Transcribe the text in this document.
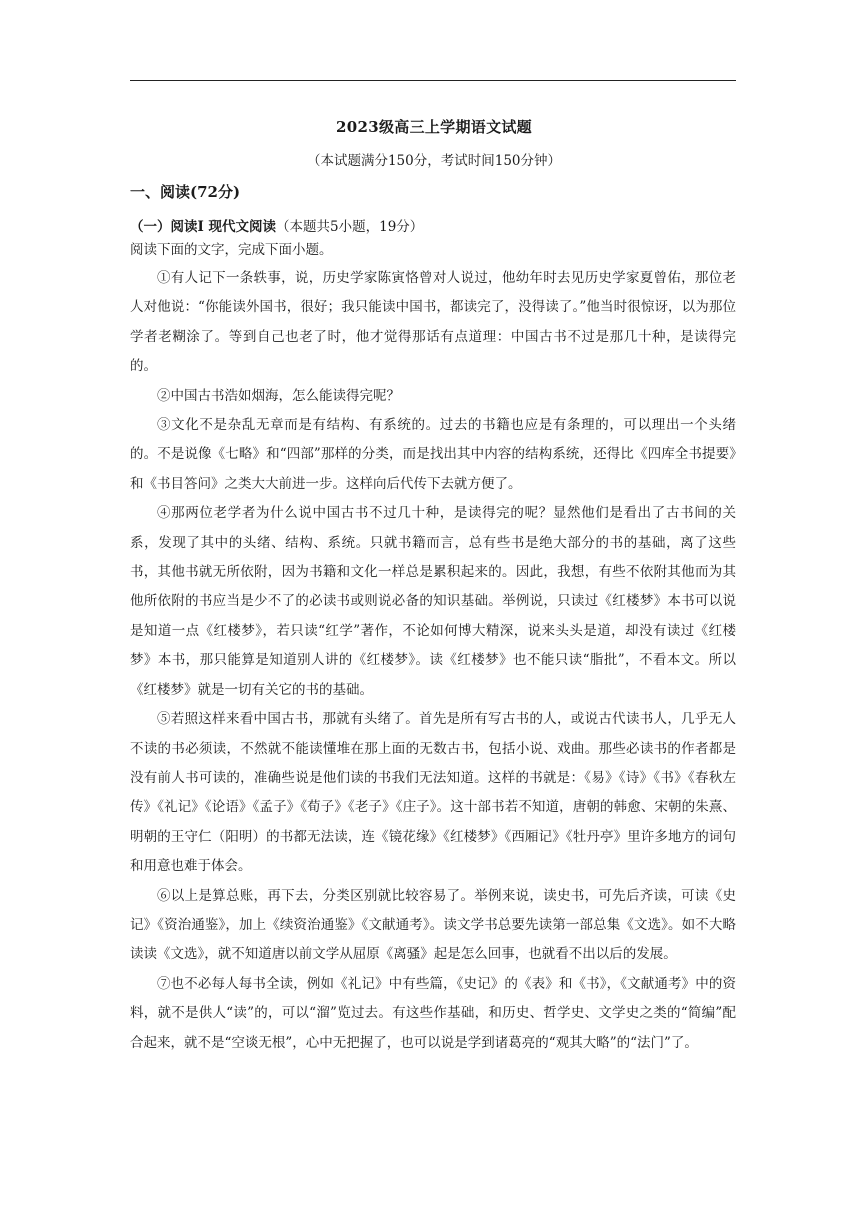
2023级高三上学期语文试题
（本试题满分150分，考试时间150分钟）
一、阅读(72分)
（一）阅读Ⅰ 现代文阅读（本题共5小题，19分）
阅读下面的文字，完成下面小题。

①有人记下一条轶事，说，历史学家陈寅恪曾对人说过，他幼年时去见历史学家夏曾佑，那位老人对他说：“你能读外国书，很好；我只能读中国书，都读完了，没得读了。”他当时很惊讶，以为那位学者老糊涂了。等到自己也老了时，他才觉得那话有点道理：中国古书不过是那几十种，是读得完的。

②中国古书浩如烟海，怎么能读得完呢？

③文化不是杂乱无章而是有结构、有系统的。过去的书籍也应是有条理的，可以理出一个头绪的。不是说像《七略》和“四部”那样的分类，而是找出其中内容的结构系统，还得比《四库全书提要》和《书目答问》之类大大前进一步。这样向后代传下去就方便了。

④那两位老学者为什么说中国古书不过几十种，是读得完的呢？显然他们是看出了古书间的关系，发现了其中的头绪、结构、系统。只就书籍而言，总有些书是绝大部分的书的基础，离了这些书，其他书就无所依附，因为书籍和文化一样总是累积起来的。因此，我想，有些不依附其他而为其他所依附的书应当是少不了的必读书或则说必备的知识基础。举例说，只读过《红楼梦》本书可以说是知道一点《红楼梦》，若只读“红学”著作，不论如何博大精深，说来头头是道，却没有读过《红楼梦》本书，那只能算是知道别人讲的《红楼梦》。读《红楼梦》也不能只读“脂批”，不看本文。所以《红楼梦》就是一切有关它的书的基础。

⑤若照这样来看中国古书，那就有头绪了。首先是所有写古书的人，或说古代读书人，几乎无人不读的书必须读，不然就不能读懂堆在那上面的无数古书，包括小说、戏曲。那些必读书的作者都是没有前人书可读的，准确些说是他们读的书我们无法知道。这样的书就是：《易》《诗》《书》《春秋左传》《礼记》《论语》《孟子》《荀子》《老子》《庄子》。这十部书若不知道，唐朝的韩愈、宋朝的朱熹、明朝的王守仁（阳明）的书都无法读，连《镜花缘》《红楼梦》《西厢记》《牡丹亭》里许多地方的词句和用意也难于体会。

⑥以上是算总账，再下去，分类区别就比较容易了。举例来说，读史书，可先后齐读，可读《史记》《资治通鉴》，加上《续资治通鉴》《文献通考》。读文学书总要先读第一部总集《文选》。如不大略读读《文选》，就不知道唐以前文学从屈原《离骚》起是怎么回事，也就看不出以后的发展。

⑦也不必每人每书全读，例如《礼记》中有些篇，《史记》的《表》和《书》，《文献通考》中的资料，就不是供人“读”的，可以“溜”览过去。有这些作基础，和历史、哲学史、文学史之类的“简编”配合起来，就不是“空谈无根”，心中无把握了，也可以说是学到诸葛亮的“观其大略”的“法门”了。
